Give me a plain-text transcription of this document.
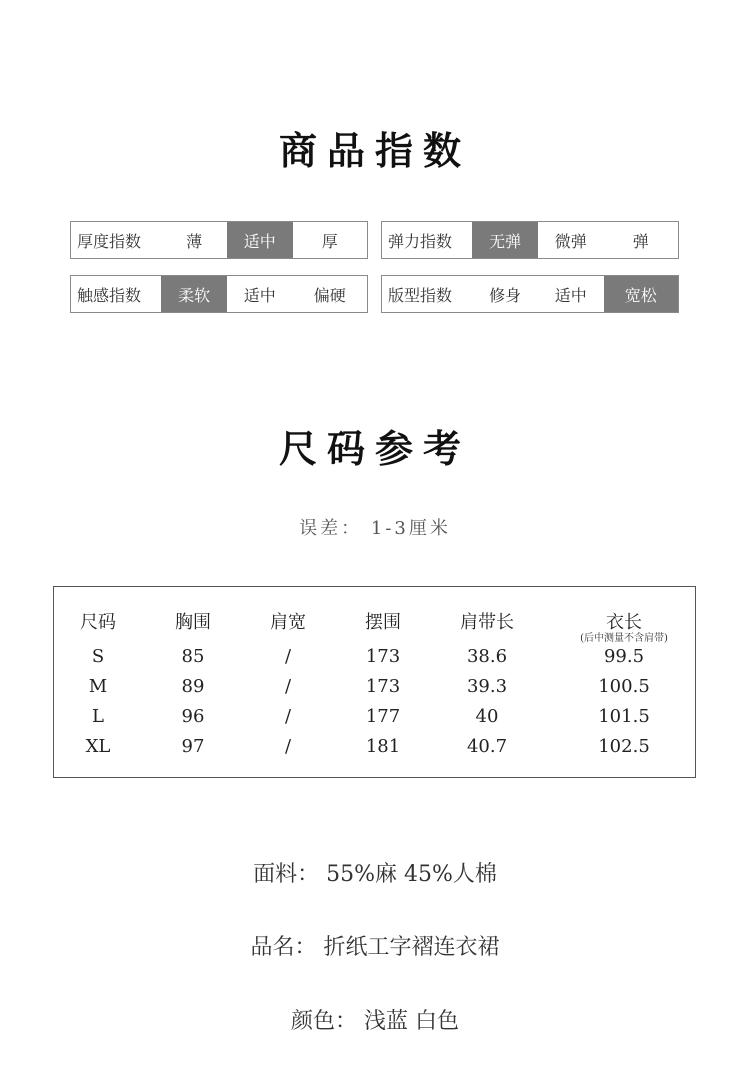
商品指数
厚度指数	薄	适中	厚	弹力指数	无弹	微弹	弹
触感指数	柔软	适中	偏硬	版型指数	修身	适中	宽松
尺码参考
误差： 1-3厘米
尺码	胸围	肩宽	摆围	肩带长	衣长
(后中测量不含肩带)
S	85	/	173	38.6	99.5
M	89	/	173	39.3	100.5
L	96	/	177	40	101.5
XL	97	/	181	40.7	102.5
面料： 55%麻 45%人棉
品名： 折纸工字褶连衣裙
颜色： 浅蓝 白色
